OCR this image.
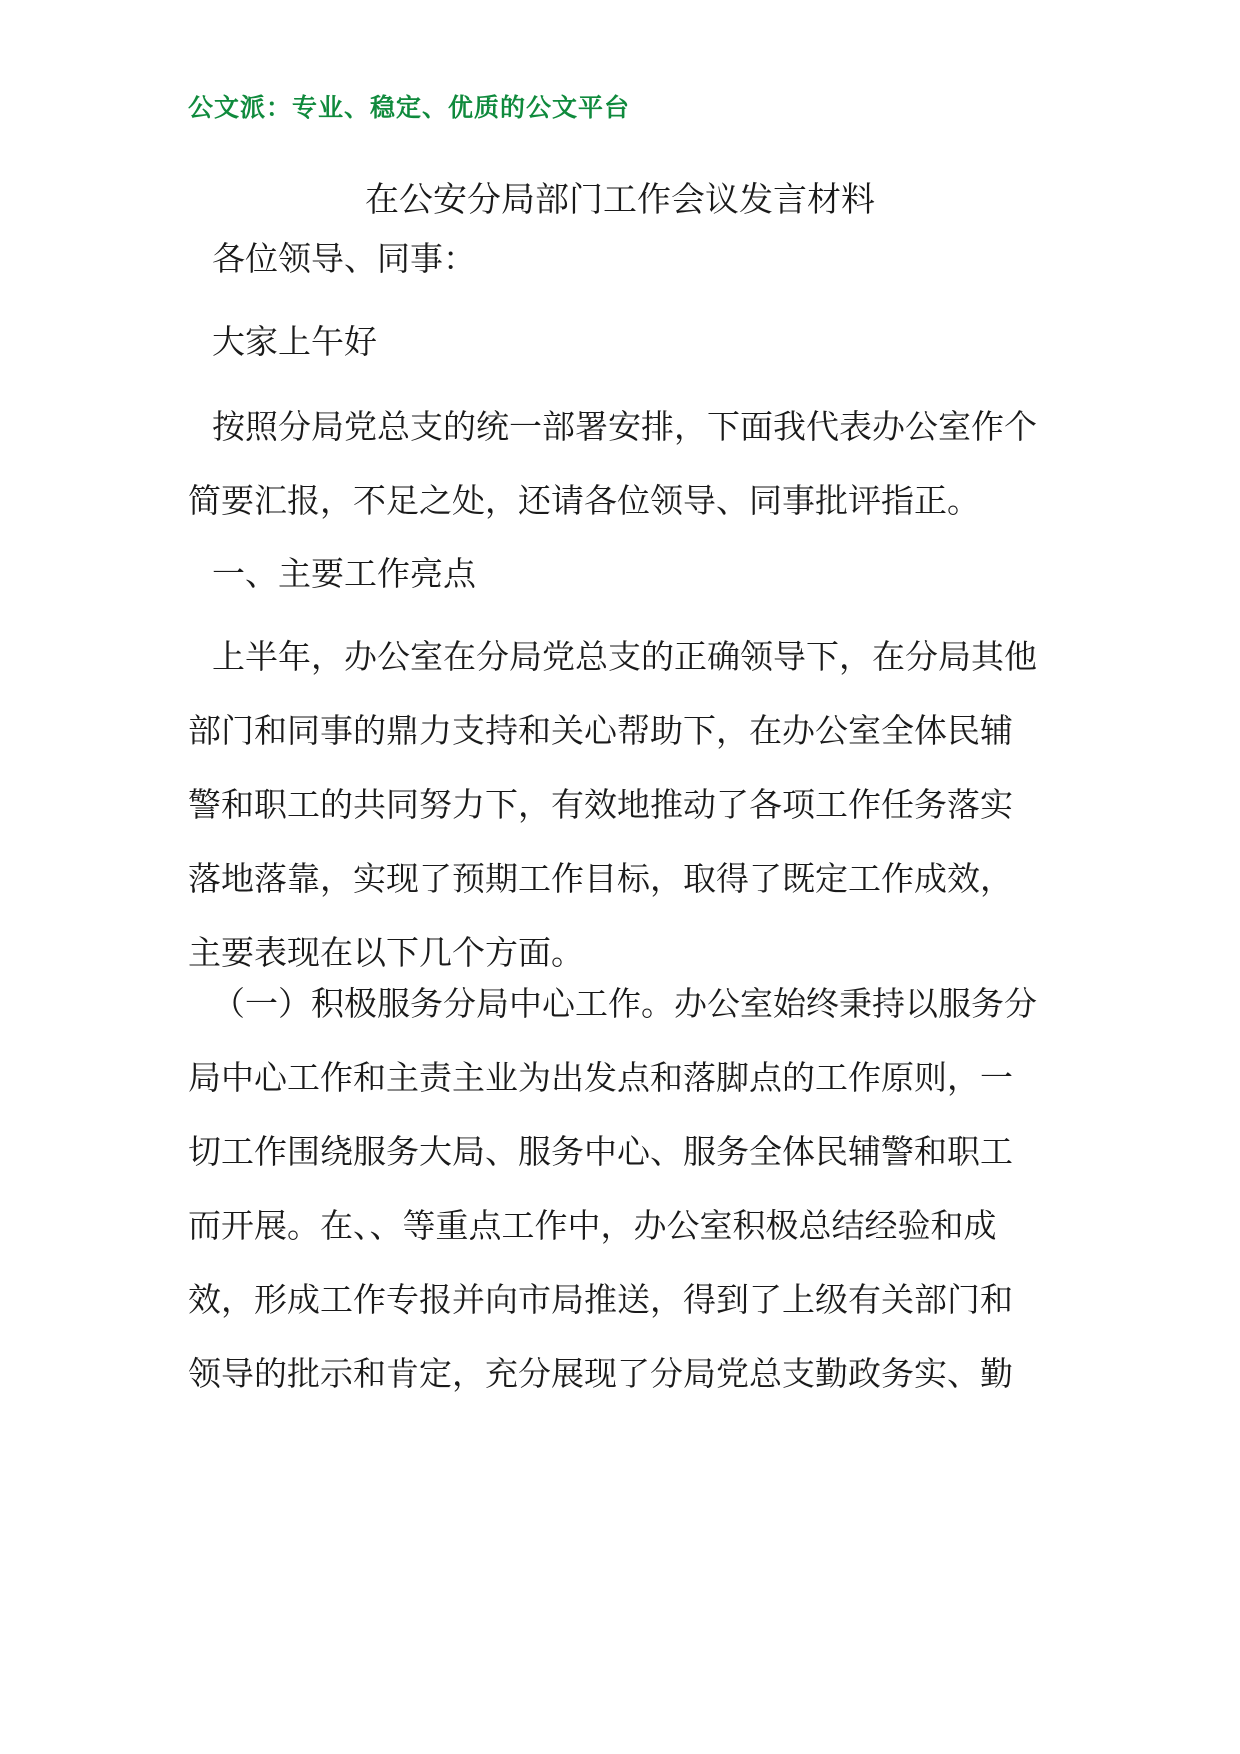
公文派：专业、稳定、优质的公文平台
在公安分局部门工作会议发言材料
各位领导、同事：
大家上午好
按照分局党总支的统一部署安排，下面我代表办公室作个
简要汇报，不足之处，还请各位领导、同事批评指正。
一、主要工作亮点
上半年，办公室在分局党总支的正确领导下，在分局其他
部门和同事的鼎力支持和关心帮助下，在办公室全体民辅
警和职工的共同努力下，有效地推动了各项工作任务落实
落地落靠，实现了预期工作目标，取得了既定工作成效，
主要表现在以下几个方面。
（一）积极服务分局中心工作。办公室始终秉持以服务分
局中心工作和主责主业为出发点和落脚点的工作原则，一
切工作围绕服务大局、服务中心、服务全体民辅警和职工
而开展。在、、等重点工作中，办公室积极总结经验和成
效，形成工作专报并向市局推送，得到了上级有关部门和
领导的批示和肯定，充分展现了分局党总支勤政务实、勤
